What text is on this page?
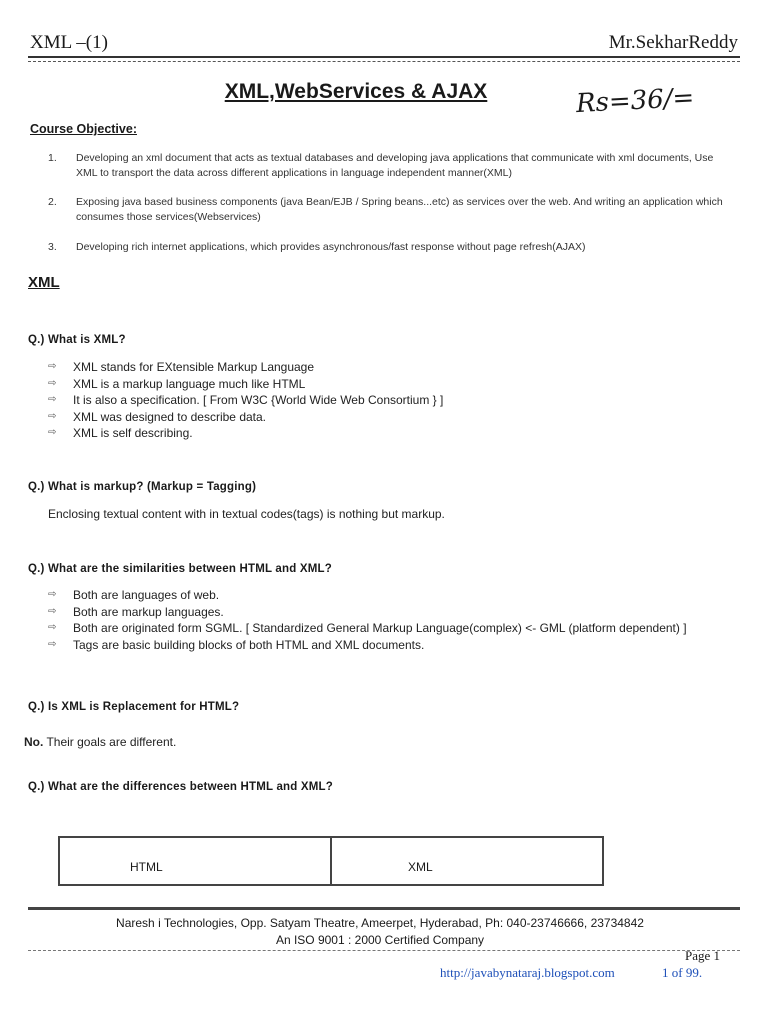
XML –(1)	Mr.SekharReddy
XML,WebServices & AJAX	Rs=36/=
Course Objective:
1. Developing an xml document that acts as textual databases and developing java applications that communicate with xml documents, Use XML to transport the data across different applications in language independent manner(XML)
2. Exposing java based business components (java Bean/EJB / Spring beans...etc) as services over the web. And writing an application which consumes those services(Webservices)
3. Developing rich internet applications, which provides asynchronous/fast response without page refresh(AJAX)
XML
Q.) What is XML?
⇨ XML stands for EXtensible Markup Language
⇨ XML is a markup language much like HTML
⇨ It is also a specification. [ From W3C {World Wide Web Consortium } ]
⇨ XML was designed to describe data.
⇨ XML is self describing.
Q.) What is markup? (Markup = Tagging)
Enclosing textual content with in textual codes(tags) is nothing but markup.
Q.) What are the similarities between HTML and XML?
⇨ Both are languages of web.
⇨ Both are markup languages.
⇨ Both are originated form SGML. [ Standardized General Markup Language(complex) <- GML (platform dependent) ]
⇨ Tags are basic building blocks of both HTML and XML documents.
Q.) Is XML is Replacement for HTML?
No. Their goals are different.
Q.) What are the differences between HTML and XML?
HTML	XML
Naresh i Technologies, Opp. Satyam Theatre, Ameerpet, Hyderabad, Ph: 040-23746666, 23734842
An ISO 9001 : 2000 Certified Company
Page 1
http://javabynataraj.blogspot.com	1 of 99.
